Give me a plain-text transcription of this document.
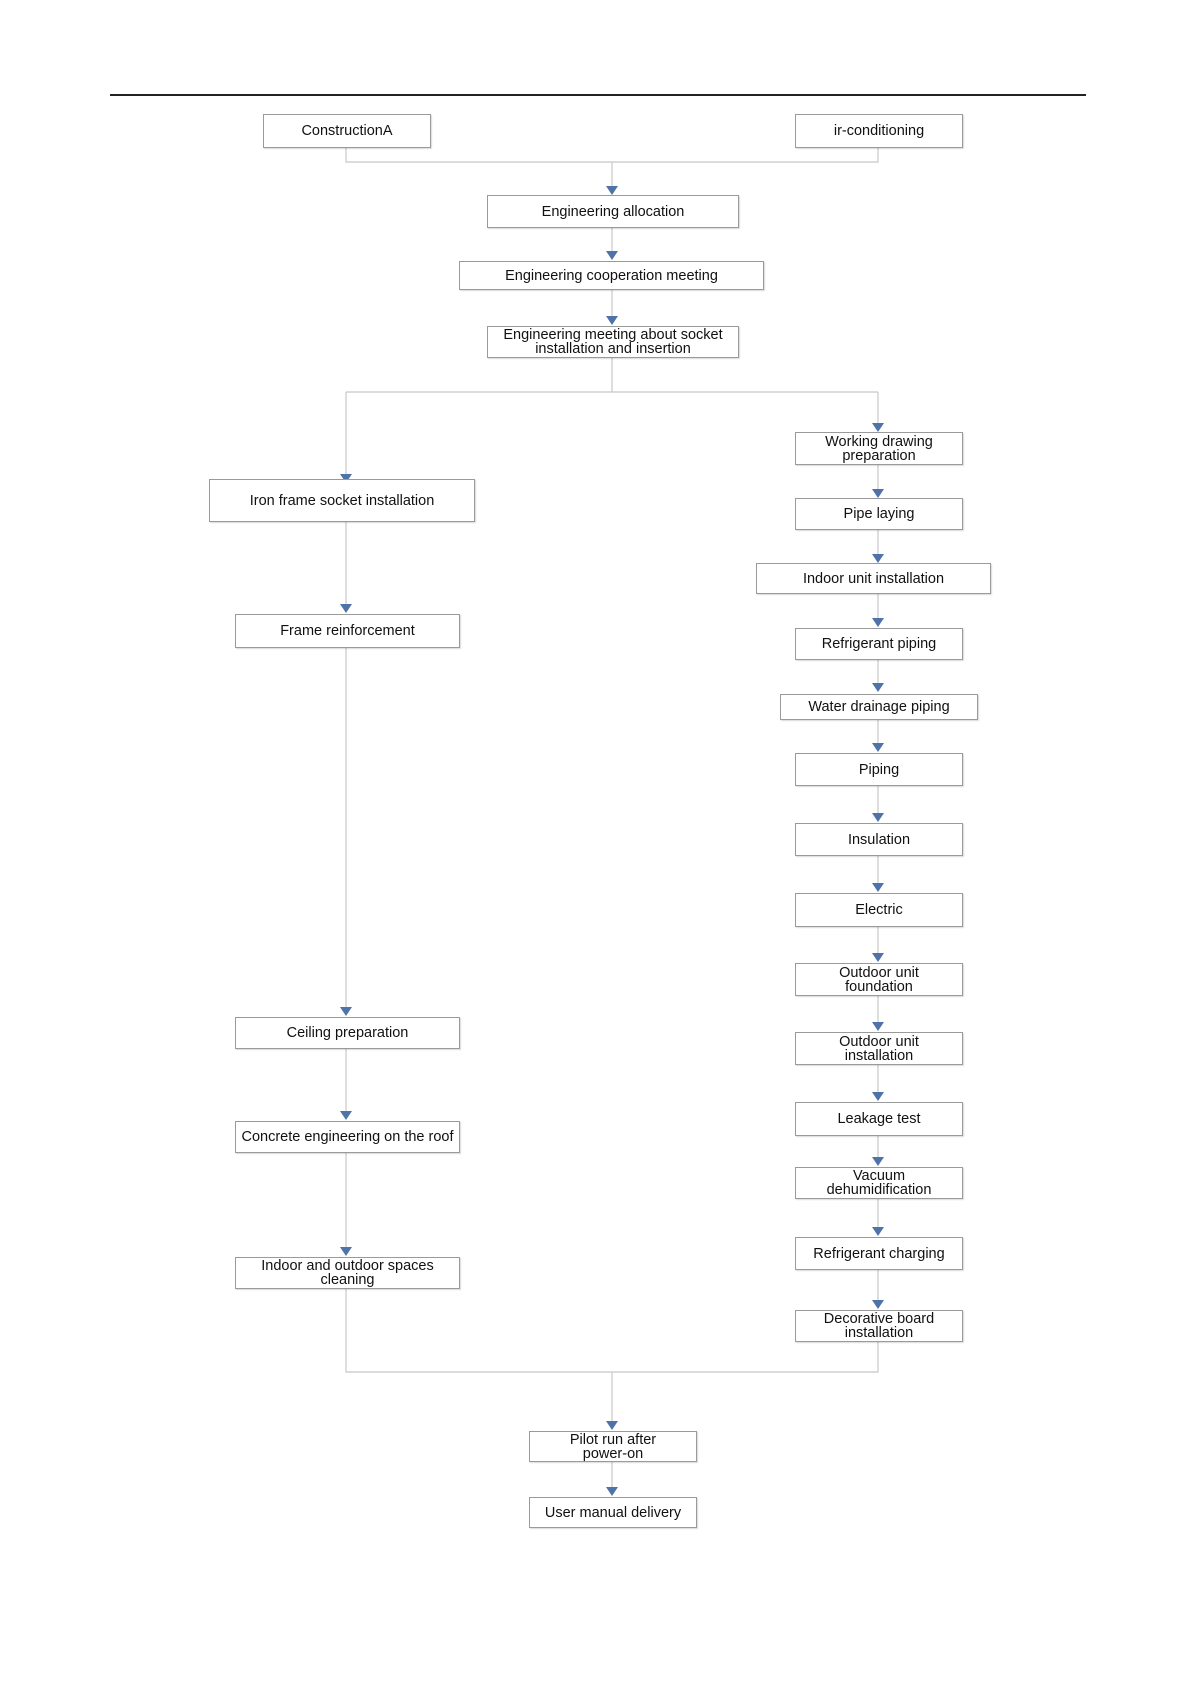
ConstructionA	ir-conditioning
Engineering allocation
Engineering cooperation meeting
Engineering meeting about socket installation and insertion
Iron frame socket installation
Frame reinforcement
Ceiling preparation
Concrete engineering on the roof
Indoor and outdoor spaces cleaning
Working drawing preparation
Pipe laying
Indoor unit installation
Refrigerant piping
Water drainage piping
Piping
Insulation
Electric
Outdoor unit foundation
Outdoor unit installation
Leakage test
Vacuum dehumidification
Refrigerant charging
Decorative board installation
Pilot run after power-on
User manual delivery
